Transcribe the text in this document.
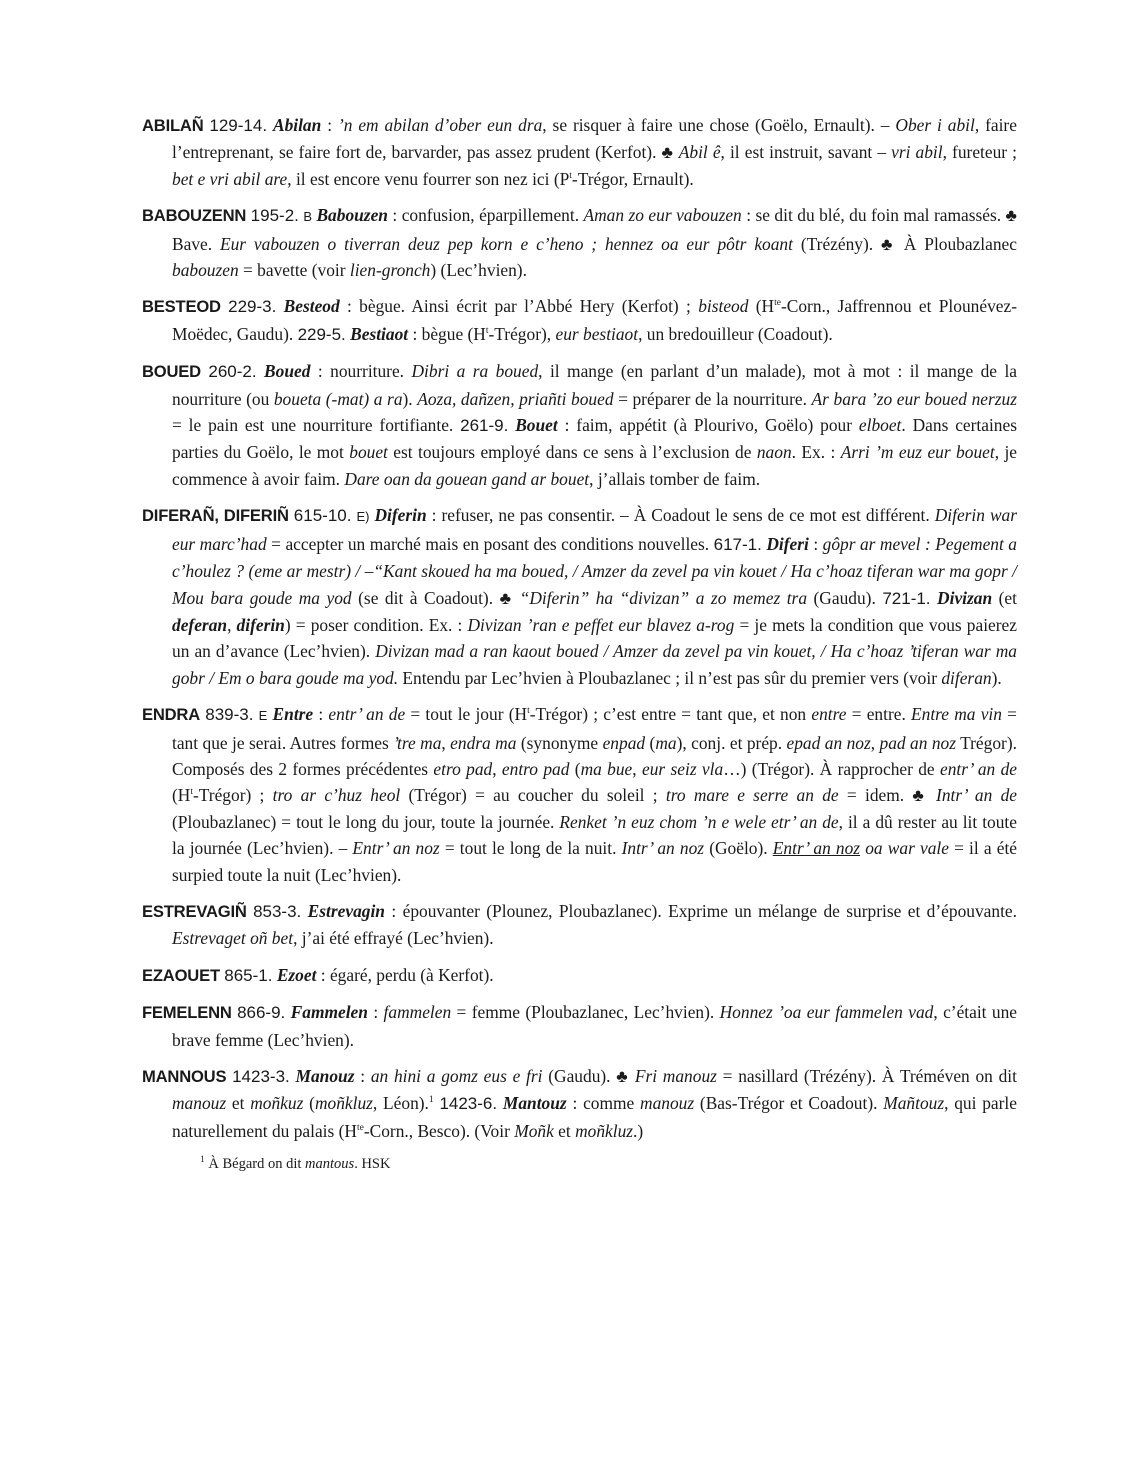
ABILAÑ 129-14. Abilan : ’n em abilan d’ober eun dra, se risquer à faire une chose (Goëlo, Ernault). – Ober i abil, faire l’entreprenant, se faire fort de, barvarder, pas assez prudent (Kerfot). ♣ Abil ê, il est instruit, savant – vri abil, fureteur ; bet e vri abil are, il est encore venu fourrer son nez ici ($P^t$-Trégor, Ernault).

BABOUZENN 195-2. B Babouzen : confusion, éparpillement. Aman zo eur vabouzen : se dit du blé, du foin mal ramassés. ♣ Bave. Eur vabouzen o tiverran deuz pep korn e c’heno ; hennez oa eur pôtr koant (Trézény). ♣ À Ploubazlanec babouzen = bavette (voir lien-gronch) (Lec’hvien).

BESTEOD 229-3. Besteod : bègue. Ainsi écrit par l’Abbé Hery (Kerfot) ; bisteod ($H^{te}$-Corn., Jaffrennou et Plounévez-Moëdec, Gaudu). 229-5. Bestiaot : bègue $(H^t-Trégor)$, eur bestiaot, un bredouilleur (Coadout).

BOUED 260-2. Boued : nourriture. Dibri a ra boued, il mange (en parlant d’un malade), mot à mot : il mange de la nourriture (ou boueta (-mat) a ra). Aoza, dañzen, priañti boued = préparer de la nourriture. Ar bara ’zo eur boued nerzuz = le pain est une nourriture fortifiante. 261-9. Bouet : faim, appétit (à Plourivo, Goëlo) pour elboet. Dans certaines parties du Goëlo, le mot bouet est toujours employé dans ce sens à l’exclusion de naon. Ex. : Arri ’m euz eur bouet, je commence à avoir faim. Dare oan da gouean gand ar bouet, j’allais tomber de faim.

DIFERAÑ, DIFERIÑ 615-10. E) Diferin : refuser, ne pas consentir. – À Coadout le sens de ce mot est différent. Diferin war eur marc’had = accepter un marché mais en posant des conditions nouvelles. 617-1. Diferi : gôpr ar mevel : Pegement a c’houlez ? (eme ar mestr) / –“Kant skoued ha ma boued, / Amzer da zevel pa vin kouet / Ha c’hoaz tiferan war ma gopr / Mou bara goude ma yod (se dit à Coadout). ♣ “Diferin” ha “divizan” a zo memez tra (Gaudu). 721-1. Divizan (et deferan, diferin) = poser condition. Ex. : Divizan ’ran e peffet eur blavez a-rog = je mets la condition que vous paierez un an d’avance (Lec’hvien). Divizan mad a ran kaout boued / Amzer da zevel pa vin kouet, / Ha c’hoaz ’tiferan war ma gobr / Em o bara goude ma yod. Entendu par Lec’hvien à Ploubazlanec ; il n’est pas sûr du premier vers (voir diferan).

ENDRA 839-3. E Entre : entr’ an de = tout le jour $(H^t-Trégor)$ ; c’est entre = tant que, et non entre = entre. Entre ma vin = tant que je serai. Autres formes ’tre ma, endra ma (synonyme enpad (ma), conj. et prép. epad an noz, pad an noz Trégor). Composés des 2 formes précédentes etro pad, entro pad (ma bue, eur seiz vla…) (Trégor). À rapprocher de entr’ an de $(H^t-Trégor)$ ; tro ar c’huz heol (Trégor) = au coucher du soleil ; tro mare e serre an de = idem. ♣ Intr’ an de (Ploubazlanec) = tout le long du jour, toute la journée. Renket ’n euz chom ’n e wele etr’ an de, il a dû rester au lit toute la journée (Lec’hvien). – Entr’ an noz = tout le long de la nuit. Intr’ an noz (Goëlo). Entr’ an noz oa war vale = il a été surpied toute la nuit (Lec’hvien).

ESTREVAGIÑ 853-3. Estrevagin : épouvanter (Plounez, Ploubazlanec). Exprime un mélange de surprise et d’épouvante. Estrevaget oñ bet, j’ai été effrayé (Lec’hvien).

EZAOUET 865-1. Ezoet : égaré, perdu (à Kerfot).

FEMELENN 866-9. Fammelen : fammelen = femme (Ploubazlanec, Lec’hvien). Honnez ’oa eur fammelen vad, c’était une brave femme (Lec’hvien).

MANNOUS 1423-3. Manouz : an hini a gomz eus e fri (Gaudu). ♣ Fri manouz = nasillard (Trézény). À Tréméven on dit manouz et moñkuz (moñkluz, Léon).$^1$ 1423-6. Mantouz : comme manouz (Bas-Trégor et Coadout). Mañtouz, qui parle naturellement du palais ($H^{te}$-Corn., Besco). (Voir Moñk et moñkluz.)

$^1$ À Bégard on dit mantous. HSK
